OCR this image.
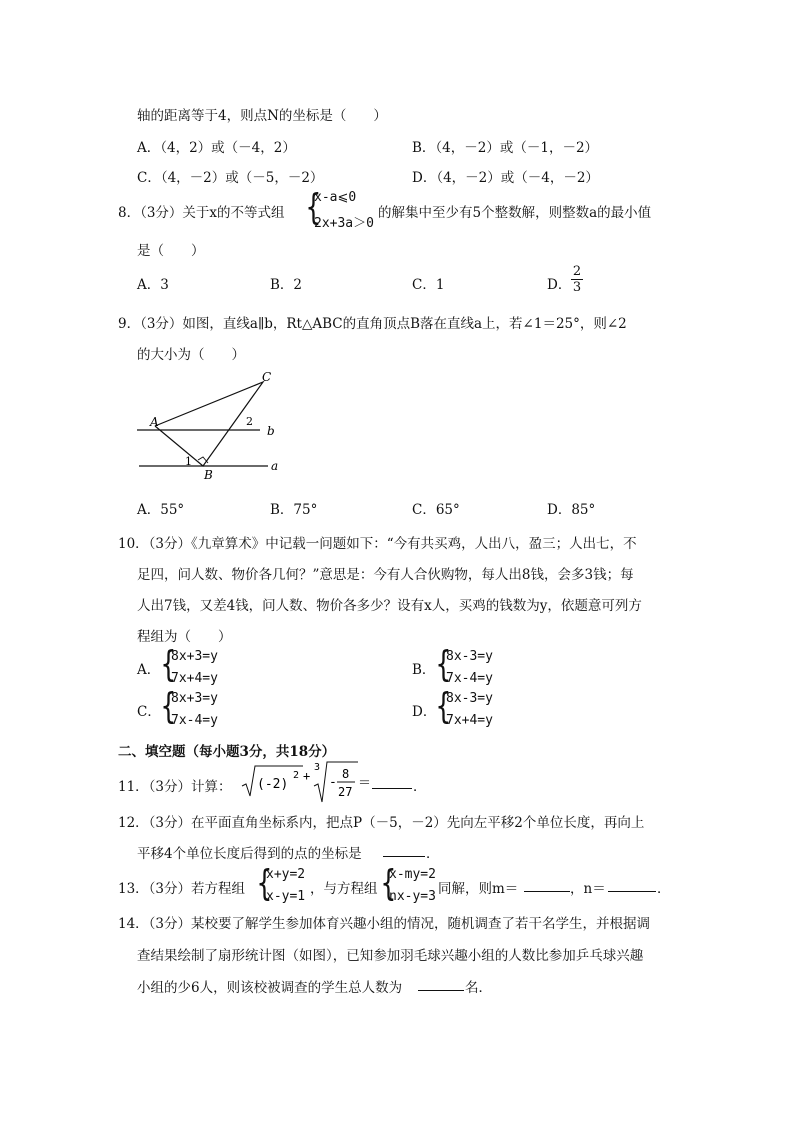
轴的距离等于4，则点N的坐标是（　　）
A．（4，2）或（－4，2）	B．（4，－2）或（－1，－2）
C．（4，－2）或（－5，－2）	D．（4，－2）或（－4，－2）
8．（3分）关于x的不等式组 {
x-a⩽0
2x+3a＞0
的解集中至少有5个整数解，则整数a的最小值
是（　　）
A．3	B．2	C．1	D． $\frac{2}{3}$
9．（3分）如图，直线a∥b，Rt△ABC的直角顶点B落在直线a上，若∠1＝25°，则∠2
的大小为（　　）
A
B
C
1
2
b
a
A．55°	B．75°	C．65°	D．85°
10．（3分）《九章算术》中记载一问题如下：“今有共买鸡，人出八，盈三；人出七，不
足四，问人数、物价各几何？”意思是：今有人合伙购物，每人出8钱，会多3钱；每
人出7钱，又差4钱，问人数、物价各多少？设有x人，买鸡的钱数为y，依题意可列方
程组为（　　）
A． {
8x+3=y
7x+4=y
B． {
8x-3=y
7x-4=y
C． {
8x+3=y
7x-4=y
D． {
8x-3=y
7x+4=y
二、填空题（每小题3分，共18分）
11．（3分）计算： (-2)
2 +
3
-
8
27
＝	．
12．（3分）在平面直角坐标系内，把点P（－5，－2）先向左平移2个单位长度，再向上
平移4个单位长度后得到的点的坐标是	．
13．（3分）若方程组 {
x+y=2
x-y=1 ，与方程组 {
x-my=2
nx-y=3 同解，则m＝	，n＝	．
14．（3分）某校要了解学生参加体育兴趣小组的情况，随机调查了若干名学生，并根据调
查结果绘制了扇形统计图（如图），已知参加羽毛球兴趣小组的人数比参加乒乓球兴趣
小组的少6人，则该校被调查的学生总人数为	名．
